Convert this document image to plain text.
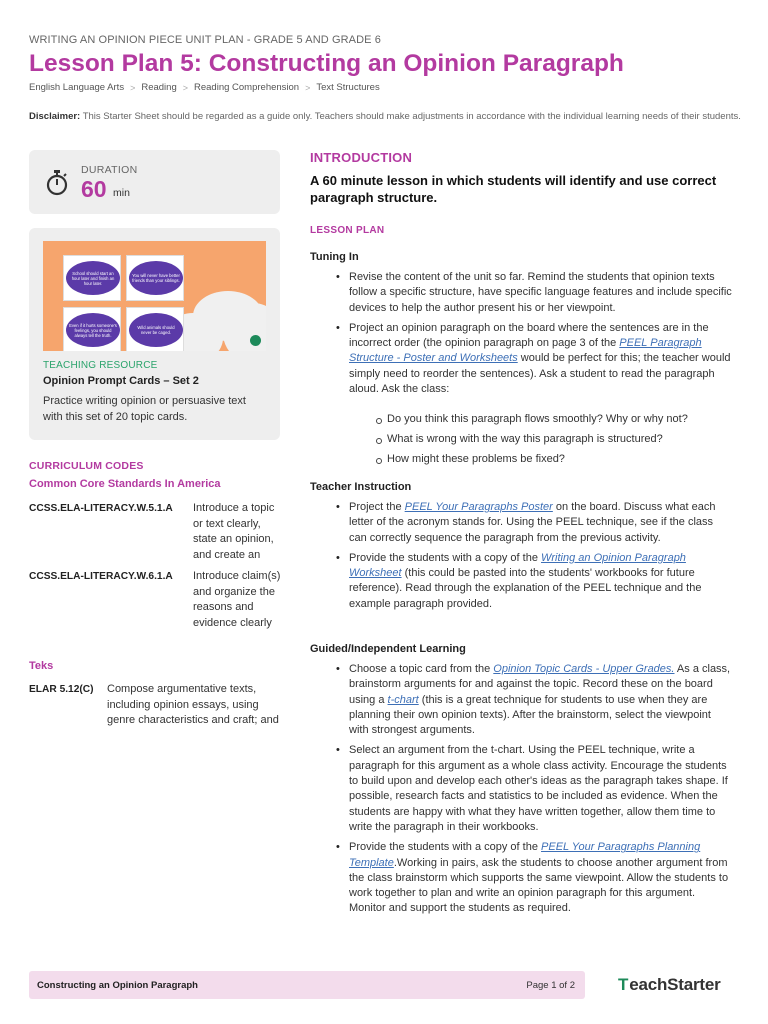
WRITING AN OPINION PIECE UNIT PLAN - GRADE 5 AND GRADE 6
Lesson Plan 5: Constructing an Opinion Paragraph
English Language Arts > Reading > Reading Comprehension > Text Structures

Disclaimer: This Starter Sheet should be regarded as a guide only. Teachers should make adjustments in accordance with the individual learning needs of their students.

DURATION
60 min
School should start an hour later and finish an hour later.
You will never have better friends than your siblings.
Even if it hurts someone's feelings, you should always tell the truth.
Wild animals should never be caged.
TEACHING RESOURCE
Opinion Prompt Cards – Set 2
Practice writing opinion or persuasive text with this set of 20 topic cards.
CURRICULUM CODES
Common Core Standards In America
CCSS.ELA-LITERACY.W.5.1.A	Introduce a topic or text clearly, state an opinion, and create an
CCSS.ELA-LITERACY.W.6.1.A	Introduce claim(s) and organize the reasons and evidence clearly
Teks
ELAR 5.12(C)	Compose argumentative texts, including opinion essays, using genre characteristics and craft; and
INTRODUCTION
A 60 minute lesson in which students will identify and use correct paragraph structure.
LESSON PLAN
Tuning In
• Revise the content of the unit so far. Remind the students that opinion texts follow a specific structure, have specific language features and include specific devices to help the author present his or her viewpoint.
• Project an opinion paragraph on the board where the sentences are in the incorrect order (the opinion paragraph on page 3 of the PEEL Paragraph Structure - Poster and Worksheets would be perfect for this; the teacher would simply need to reorder the sentences). Ask a student to read the paragraph aloud. Ask the class:
Do you think this paragraph flows smoothly? Why or why not?
What is wrong with the way this paragraph is structured?
How might these problems be fixed?
Teacher Instruction
• Project the PEEL Your Paragraphs Poster on the board. Discuss what each letter of the acronym stands for. Using the PEEL technique, see if the class can correctly sequence the paragraph from the previous activity.
• Provide the students with a copy of the Writing an Opinion Paragraph Worksheet (this could be pasted into the students' workbooks for future reference). Read through the explanation of the PEEL technique and the example paragraph provided.
Guided/Independent Learning
• Choose a topic card from the Opinion Topic Cards - Upper Grades. As a class, brainstorm arguments for and against the topic. Record these on the board using a t-chart (this is a great technique for students to use when they are planning their own opinion texts). After the brainstorm, select the viewpoint with strongest arguments.
• Select an argument from the t-chart. Using the PEEL technique, write a paragraph for this argument as a whole class activity. Encourage the students to build upon and develop each other's ideas as the paragraph takes shape. If possible, research facts and statistics to be included as evidence. When the students are happy with what they have written together, allow them time to write the paragraph in their workbooks.
• Provide the students with a copy of the PEEL Your Paragraphs Planning Template.Working in pairs, ask the students to choose another argument from the class brainstorm which supports the same viewpoint. Allow the students to work together to plan and write an opinion paragraph for this argument. Monitor and support the students as required.
Constructing an Opinion Paragraph	Page 1 of 2	T eachStarter
